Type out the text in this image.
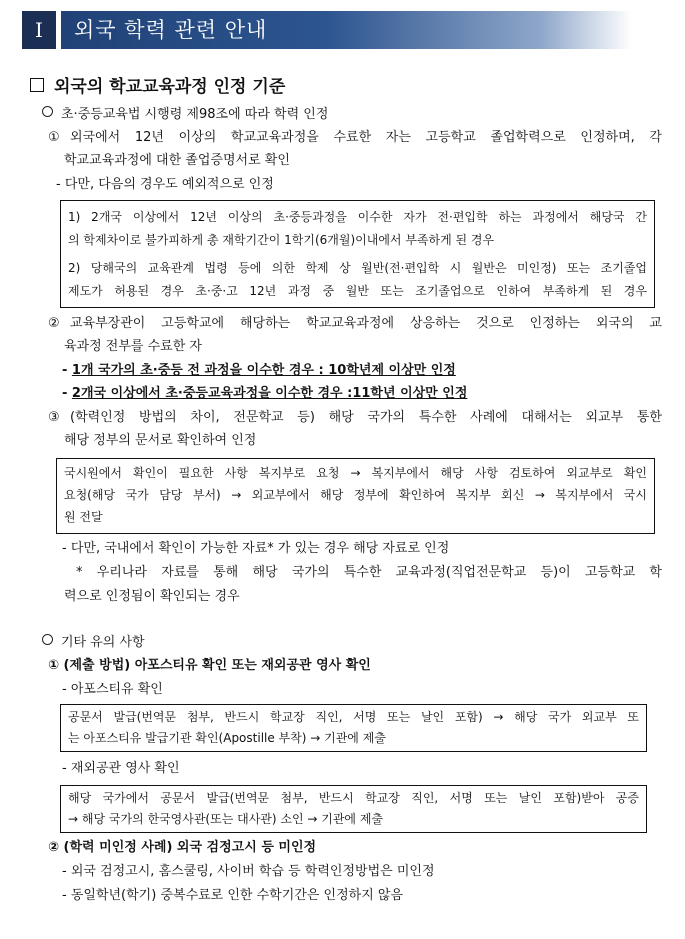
I	외국 학력 관련 안내
외국의 학교교육과정 인정 기준
초·중등교육법 시행령 제98조에 따라 학력 인정
① 외국에서 12년 이상의 학교교육과정을 수료한 자는 고등학교 졸업학력으로 인정하며, 각
학교교육과정에 대한 졸업증명서로 확인
- 다만, 다음의 경우도 예외적으로 인정
1) 2개국 이상에서 12년 이상의 초·중등과정을 이수한 자가 전·편입학 하는 과정에서 해당국 간
의 학제차이로 불가피하게 총 재학기간이 1학기(6개월)이내에서 부족하게 된 경우
2) 당해국의 교육관계 법령 등에 의한 학제 상 월반(전·편입학 시 월반은 미인정) 또는 조기졸업
제도가 허용된 경우 초·중·고 12년 과정 중 월반 또는 조기졸업으로 인하여 부족하게 된 경우
② 교육부장관이 고등학교에 해당하는 학교교육과정에 상응하는 것으로 인정하는 외국의 교
육과정 전부를 수료한 자
- 1개 국가의 초·중등 전 과정을 이수한 경우 : 10학년제 이상만 인정
- 2개국 이상에서 초·중등교육과정을 이수한 경우 :11학년 이상만 인정
③ (학력인정 방법의 차이, 전문학교 등) 해당 국가의 특수한 사례에 대해서는 외교부 통한
해당 정부의 문서로 확인하여 인정
국시원에서 확인이 필요한 사항 복지부로 요청 → 복지부에서 해당 사항 검토하여 외교부로 확인
요청(해당 국가 담당 부서) → 외교부에서 해당 정부에 확인하여 복지부 회신 → 복지부에서 국시
원 전달
- 다만, 국내에서 확인이 가능한 자료* 가 있는 경우 해당 자료로 인정
* 우리나라 자료를 통해 해당 국가의 특수한 교육과정(직업전문학교 등)이 고등학교 학
력으로 인정됨이 확인되는 경우
기타 유의 사항
① (제출 방법) 아포스티유 확인 또는 재외공관 영사 확인
- 아포스티유 확인
공문서 발급(번역문 첨부, 반드시 학교장 직인, 서명 또는 날인 포함) → 해당 국가 외교부 또
는 아포스티유 발급기관 확인(Apostille 부착) → 기관에 제출
- 재외공관 영사 확인
해당 국가에서 공문서 발급(번역문 첨부, 반드시 학교장 직인, 서명 또는 날인 포함)받아 공증
→ 해당 국가의 한국영사관(또는 대사관) 소인 → 기관에 제출
② (학력 미인정 사례) 외국 검정고시 등 미인정
- 외국 검정고시, 홈스쿨링, 사이버 학습 등 학력인정방법은 미인정
- 동일학년(학기) 중복수료로 인한 수학기간은 인정하지 않음
